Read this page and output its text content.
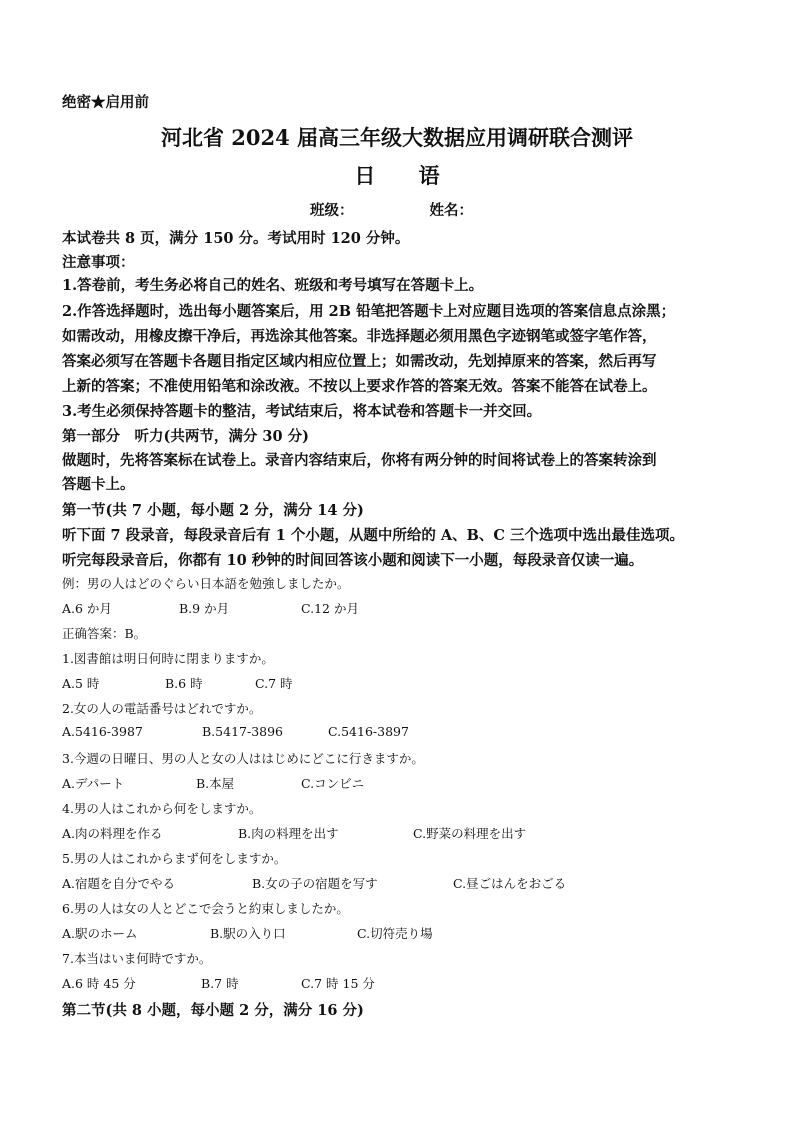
绝密★启用前
河北省 2024 届高三年级大数据应用调研联合测评
日 语
班级：	姓名：
本试卷共 8 页，满分 150 分。考试用时 120 分钟。
注意事项：
1.答卷前，考生务必将自己的姓名、班级和考号填写在答题卡上。
2.作答选择题时，选出每小题答案后，用 2B 铅笔把答题卡上对应题目选项的答案信息点涂黑；
如需改动，用橡皮擦干净后，再选涂其他答案。非选择题必须用黑色字迹钢笔或签字笔作答，
答案必须写在答题卡各题目指定区域内相应位置上；如需改动，先划掉原来的答案，然后再写
上新的答案；不准使用铅笔和涂改液。不按以上要求作答的答案无效。答案不能答在试卷上。
3.考生必须保持答题卡的整洁，考试结束后，将本试卷和答题卡一并交回。
第一部分　听力(共两节，满分 30 分)
做题时，先将答案标在试卷上。录音内容结束后，你将有两分钟的时间将试卷上的答案转涂到
答题卡上。
第一节(共 7 小题，每小题 2 分，满分 14 分)
听下面 7 段录音，每段录音后有 1 个小题，从题中所给的 A、B、C 三个选项中选出最佳选项。
听完每段录音后，你都有 10 秒钟的时间回答该小题和阅读下一小题，每段录音仅读一遍。
例：男の人はどのぐらい日本語を勉強しましたか。
A.6 か月	B.9 か月	C.12 か月
正确答案：B。
1.図書館は明日何時に閉まりますか。
A.5 時	B.6 時	C.7 時
2.女の人の電話番号はどれですか。
A.5416-3987	B.5417-3896	C.5416-3897
3.今週の日曜日、男の人と女の人ははじめにどこに行きますか。
A.デパート	B.本屋	C.コンビニ
4.男の人はこれから何をしますか。
A.肉の料理を作る	B.肉の料理を出す	C.野菜の料理を出す
5.男の人はこれからまず何をしますか。
A.宿題を自分でやる	B.女の子の宿題を写す	C.昼ごはんをおごる
6.男の人は女の人とどこで会うと約束しましたか。
A.駅のホーム	B.駅の入り口	C.切符売り場
7.本当はいま何時ですか。
A.6 時 45 分	B.7 時	C.7 時 15 分
第二节(共 8 小题，每小题 2 分，满分 16 分)
